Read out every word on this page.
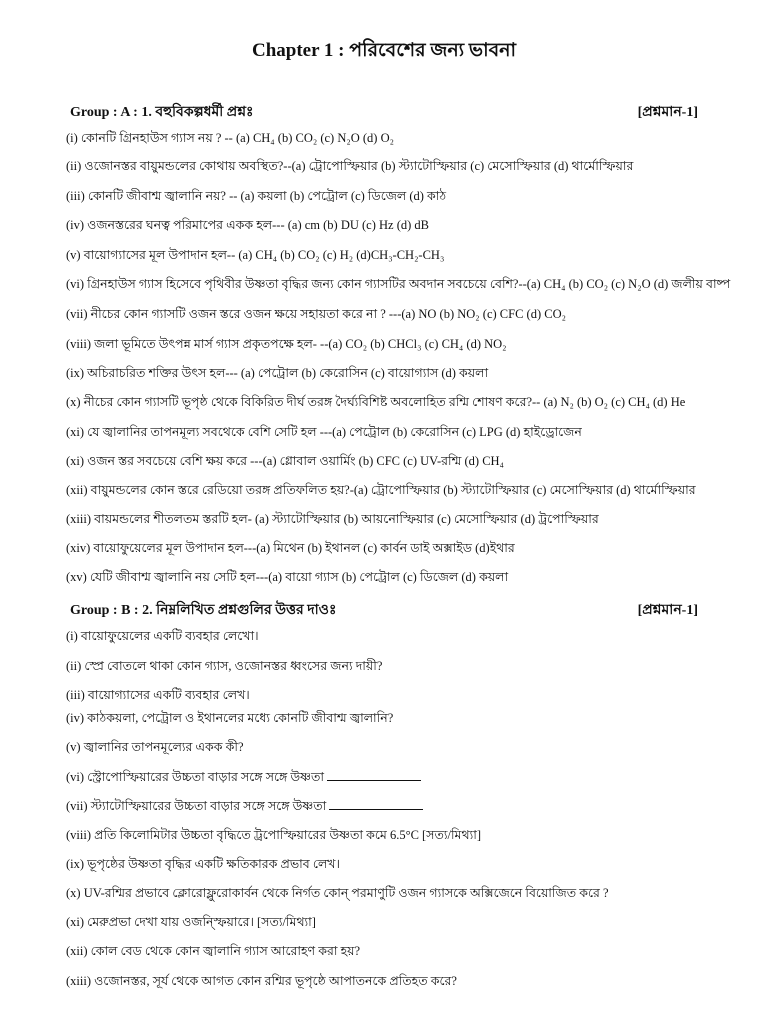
Chapter 1 : পরিবেশের জন্য ভাবনা
Group : A : 1. বহুবিকল্পধর্মী প্রশ্নঃ	[প্রশ্নমান-1]
(i) কোনটি গ্রিনহাউস গ্যাস নয় ? -- (a) CH₄ (b) CO₂ (c) N₂O (d) O₂
(ii) ওজোনস্তর বায়ুমন্ডলের কোথায় অবস্থিত?--(a) ট্রোপোস্ফিয়ার (b) স্ট্যাটোস্ফিয়ার (c) মেসোস্ফিয়ার (d) থার্মোস্ফিয়ার
(iii) কোনটি জীবাশ্ম জ্বালানি নয়? -- (a) কয়লা (b) পেট্রোল (c) ডিজেল (d) কাঠ
(iv) ওজনস্তরের ঘনত্ব পরিমাপের একক হল--- (a) cm (b) DU (c) Hz (d) dB
(v) বায়োগ্যাসের মূল উপাদান হল-- (a) CH₄ (b) CO₂ (c) H₂ (d)CH₃-CH₂-CH₃
(vi) গ্রিনহাউস গ্যাস হিসেবে পৃথিবীর উষ্ণতা বৃদ্ধির জন্য কোন গ্যাসটির অবদান সবচেয়ে বেশি?--(a) CH₄ (b) CO₂ (c) N₂O (d) জলীয় বাষ্প
(vii) নীচের কোন গ্যাসটি ওজন স্তরে ওজন ক্ষয়ে সহায়তা করে না ? ---(a) NO (b) NO₂ (c) CFC (d) CO₂
(viii) জলা ভূমিতে উৎপন্ন মার্স গ্যাস প্রকৃতপক্ষে হল- --(a) CO₂ (b) CHCl₃ (c) CH₄ (d) NO₂
(ix) অচিরাচরিত শক্তির উৎস হল--- (a) পেট্রোল (b) কেরোসিন (c) বায়োগ্যাস (d) কয়লা
(x) নীচের কোন গ্যাসটি ভূপৃষ্ঠ থেকে বিকিরিত দীর্ঘ তরঙ্গ দৈর্ঘ্যবিশিষ্ট অবলোহিত রশ্মি শোষণ করে?-- (a) N₂ (b) O₂ (c) CH₄ (d) He
(xi) যে জ্বালানির তাপনমূল্য সবথেকে বেশি সেটি হল ---(a) পেট্রোল (b) কেরোসিন (c) LPG (d) হাইড্রোজেন
(xi) ওজন স্তর সবচেয়ে বেশি ক্ষয় করে ---(a) গ্লোবাল ওয়ার্মিং (b) CFC (c) UV-রশ্মি (d) CH₄
(xii) বায়ুমন্ডলের কোন স্তরে রেডিয়ো তরঙ্গ প্রতিফলিত হয়?-(a) ট্রোপোস্ফিয়ার (b) স্ট্যাটোস্ফিয়ার (c) মেসোস্ফিয়ার (d) থার্মোস্ফিয়ার
(xiii) বায়মন্ডলের শীতলতম স্তরটি হল- (a) স্ট্যাটোস্ফিয়ার (b) আয়নোস্ফিয়ার (c) মেসোস্ফিয়ার (d) ট্রপোস্ফিয়ার
(xiv) বায়োফুয়েলের মূল উপাদান হল---(a) মিথেন (b) ইথানল (c) কার্বন ডাই অক্সাইড (d)ইথার
(xv) যেটি জীবাশ্ম জ্বালানি নয় সেটি হল---(a) বায়ো গ্যাস (b) পেট্রোল (c) ডিজেল (d) কয়লা
Group : B : 2. নিম্নলিখিত প্রশ্নগুলির উত্তর দাওঃ	[প্রশ্নমান-1]
(i) বায়োফুয়েলের একটি ব্যবহার লেখো।
(ii) স্প্রে বোতলে থাকা কোন গ্যাস, ওজোনস্তর ধ্বংসের জন্য দায়ী?
(iii) বায়োগ্যাসের একটি ব্যবহার লেখ।
(iv) কাঠকয়লা, পেট্রোল ও ইথানলের মধ্যে কোনটি জীবাশ্ম জ্বালানি?
(v) জ্বালানির তাপনমূল্যের একক কী?
(vi) স্ট্রোপোস্ফিয়ারের উচ্চতা বাড়ার সঙ্গে সঙ্গে উষ্ণতা
(vii) স্ট্যাটোস্ফিয়ারের উচ্চতা বাড়ার সঙ্গে সঙ্গে উষ্ণতা
(viii) প্রতি কিলোমিটার উচ্চতা বৃদ্ধিতে ট্রপোস্ফিয়ারের উষ্ণতা কমে 6.5°C [সত্য/মিথ্যা]
(ix) ভূপৃষ্ঠের উষ্ণতা বৃদ্ধির একটি ক্ষতিকারক প্রভাব লেখ।
(x) UV-রশ্মির প্রভাবে ক্লোরোফ্লুরোকার্বন থেকে নির্গত কোন্ পরমাণুটি ওজন গ্যাসকে অক্সিজেনে বিয়োজিত করে ?
(xi) মেরুপ্রভা দেখা যায় ওজন্স্ফিয়ারে। [সত্য/মিথ্যা]
(xii) কোল বেড থেকে কোন জ্বালানি গ্যাস আরোহণ করা হয়?
(xiii) ওজোনস্তর, সূর্য থেকে আগত কোন রশ্মির ভূপৃষ্ঠে আপাতনকে প্রতিহত করে?
